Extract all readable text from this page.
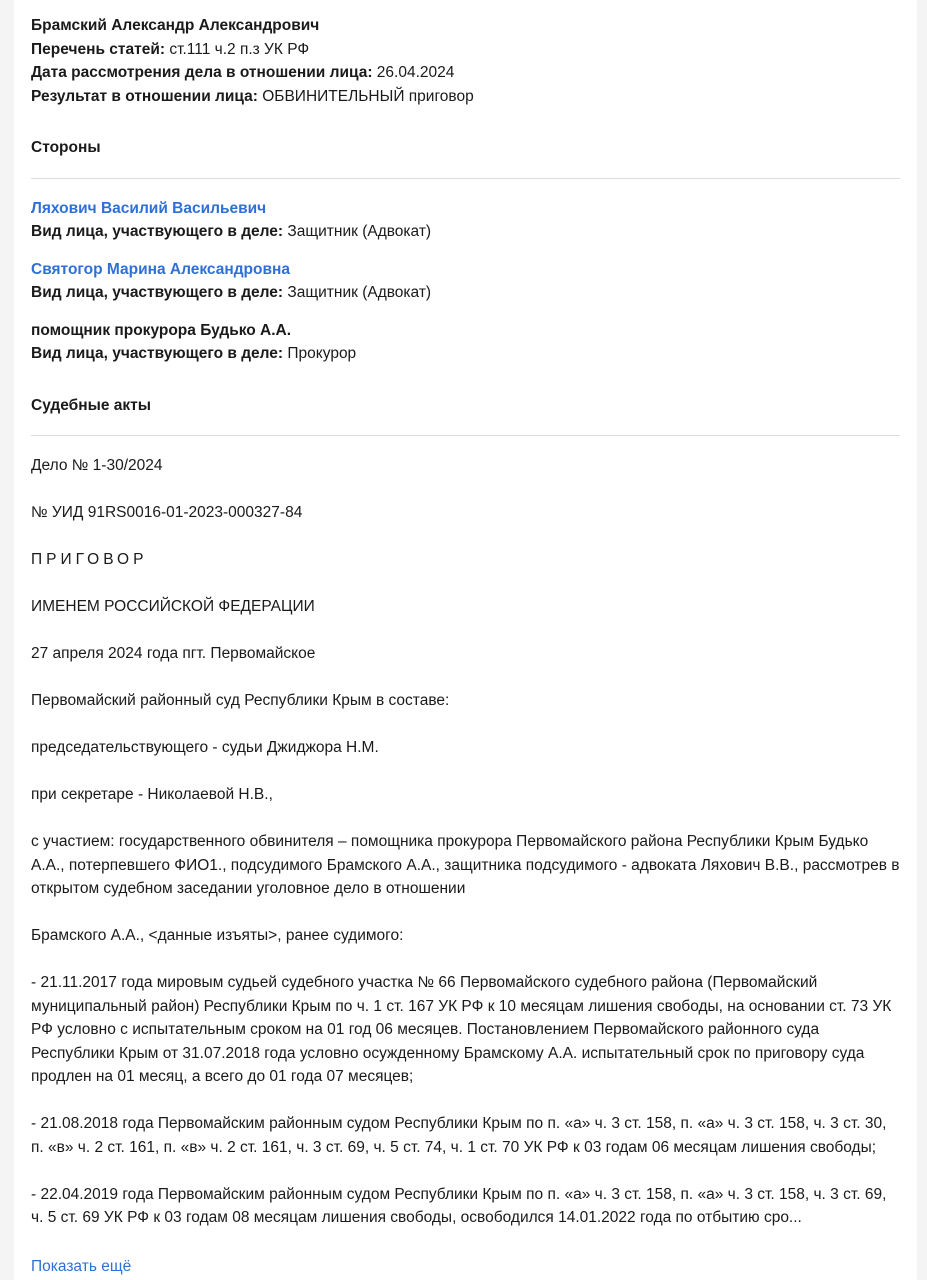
Брамский Александр Александрович

Перечень статей: ст.111 ч.2 п.з УК РФ

Дата рассмотрения дела в отношении лица: 26.04.2024

Результат в отношении лица: ОБВИНИТЕЛЬНЫЙ приговор

Стороны
Ляхович Василий Васильевич
Вид лица, участвующего в деле: Защитник (Адвокат)
Святогор Марина Александровна
Вид лица, участвующего в деле: Защитник (Адвокат)
помощник прокурора Будько А.А.
Вид лица, участвующего в деле: Прокурор
Судебные акты

Дело № 1-30/2024

№ УИД 91RS0016-01-2023-000327-84

ПРИГОВОР

ИМЕНЕМ РОССИЙСКОЙ ФЕДЕРАЦИИ

27 апреля 2024 года пгт. Первомайское

Первомайский районный суд Республики Крым в составе:

председательствующего - судьи Джиджора Н.М.

при секретаре - Николаевой Н.В.,

с участием: государственного обвинителя – помощника прокурора Первомайского района Республики Крым Будько А.А., потерпевшего ФИО1., подсудимого Брамского А.А., защитника подсудимого - адвоката Ляхович В.В., рассмотрев в открытом судебном заседании уголовное дело в отношении

Брамского А.А., <данные изъяты>, ранее судимого:

- 21.11.2017 года мировым судьей судебного участка № 66 Первомайского судебного района (Первомайский муниципальный район) Республики Крым по ч. 1 ст. 167 УК РФ к 10 месяцам лишения свободы, на основании ст. 73 УК РФ условно с испытательным сроком на 01 год 06 месяцев. Постановлением Первомайского районного суда Республики Крым от 31.07.2018 года условно осужденному Брамскому А.А. испытательный срок по приговору суда продлен на 01 месяц, а всего до 01 года 07 месяцев;

- 21.08.2018 года Первомайским районным судом Республики Крым по п. «а» ч. 3 ст. 158, п. «а» ч. 3 ст. 158, ч. 3 ст. 30, п. «в» ч. 2 ст. 161, п. «в» ч. 2 ст. 161, ч. 3 ст. 69, ч. 5 ст. 74, ч. 1 ст. 70 УК РФ к 03 годам 06 месяцам лишения свободы;

- 22.04.2019 года Первомайским районным судом Республики Крым по п. «а» ч. 3 ст. 158, п. «а» ч. 3 ст. 158, ч. 3 ст. 69, ч. 5 ст. 69 УК РФ к 03 годам 08 месяцам лишения свободы, освободился 14.01.2022 года по отбытию сро...

Показать ещё
